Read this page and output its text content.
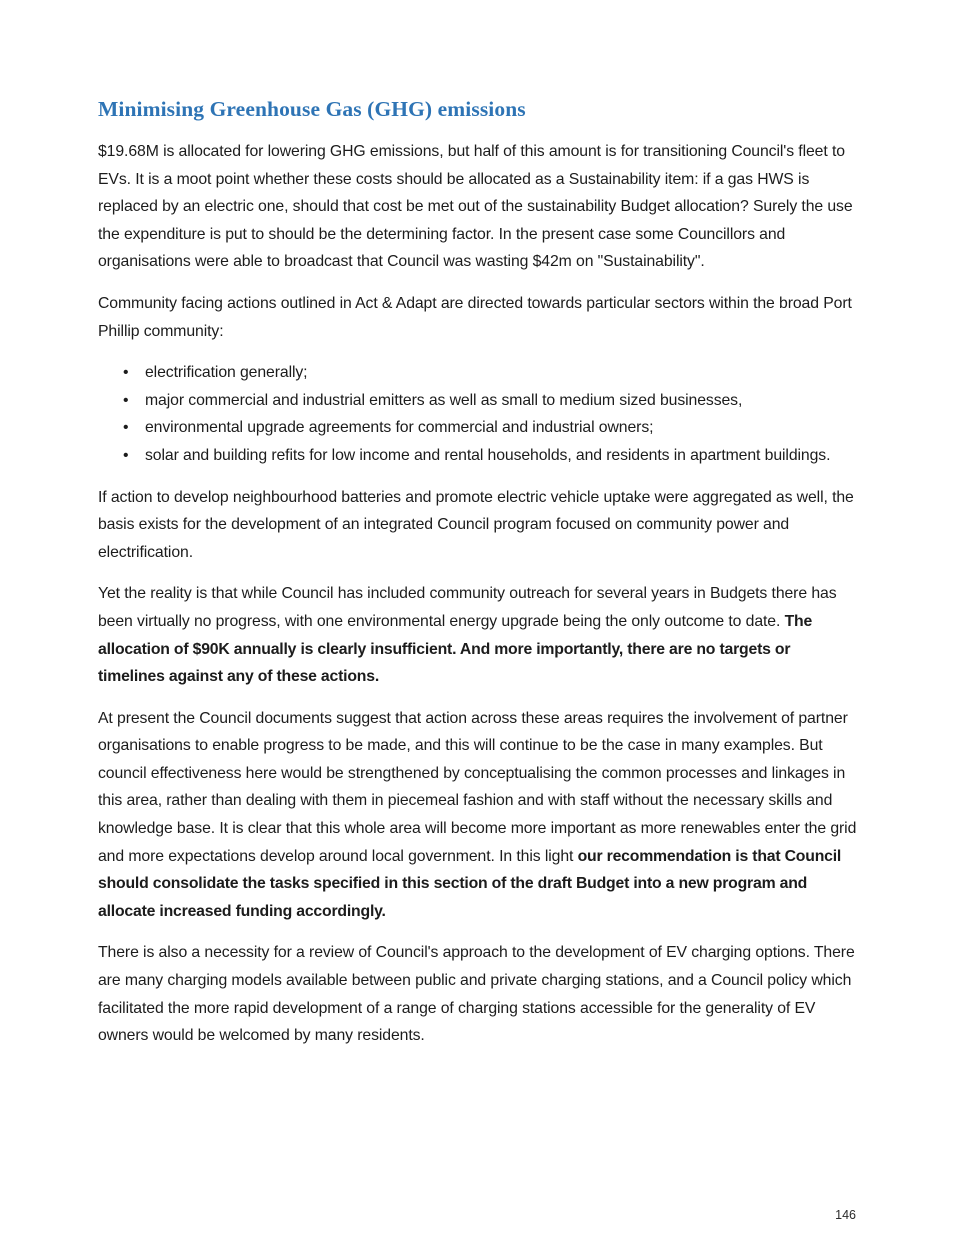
Minimising Greenhouse Gas (GHG) emissions

$19.68M is allocated for lowering GHG emissions, but half of this amount is for transitioning Council's fleet to EVs. It is a moot point whether these costs should be allocated as a Sustainability item: if a gas HWS is replaced by an electric one, should that cost be met out of the sustainability Budget allocation? Surely the use the expenditure is put to should be the determining factor. In the present case some Councillors and organisations were able to broadcast that Council was wasting $42m on "Sustainability".

Community facing actions outlined in Act & Adapt are directed towards particular sectors within the broad Port Phillip community:

• electrification generally;
• major commercial and industrial emitters as well as small to medium sized businesses,
• environmental upgrade agreements for commercial and industrial owners;
• solar and building refits for low income and rental households, and residents in apartment buildings.

If action to develop neighbourhood batteries and promote electric vehicle uptake were aggregated as well, the basis exists for the development of an integrated Council program focused on community power and electrification.

Yet the reality is that while Council has included community outreach for several years in Budgets there has been virtually no progress, with one environmental energy upgrade being the only outcome to date. The allocation of $90K annually is clearly insufficient. And more importantly, there are no targets or timelines against any of these actions.

At present the Council documents suggest that action across these areas requires the involvement of partner organisations to enable progress to be made, and this will continue to be the case in many examples. But council effectiveness here would be strengthened by conceptualising the common processes and linkages in this area, rather than dealing with them in piecemeal fashion and with staff without the necessary skills and knowledge base. It is clear that this whole area will become more important as more renewables enter the grid and more expectations develop around local government. In this light our recommendation is that Council should consolidate the tasks specified in this section of the draft Budget into a new program and allocate increased funding accordingly.

There is also a necessity for a review of Council's approach to the development of EV charging options. There are many charging models available between public and private charging stations, and a Council policy which facilitated the more rapid development of a range of charging stations accessible for the generality of EV owners would be welcomed by many residents.

146
